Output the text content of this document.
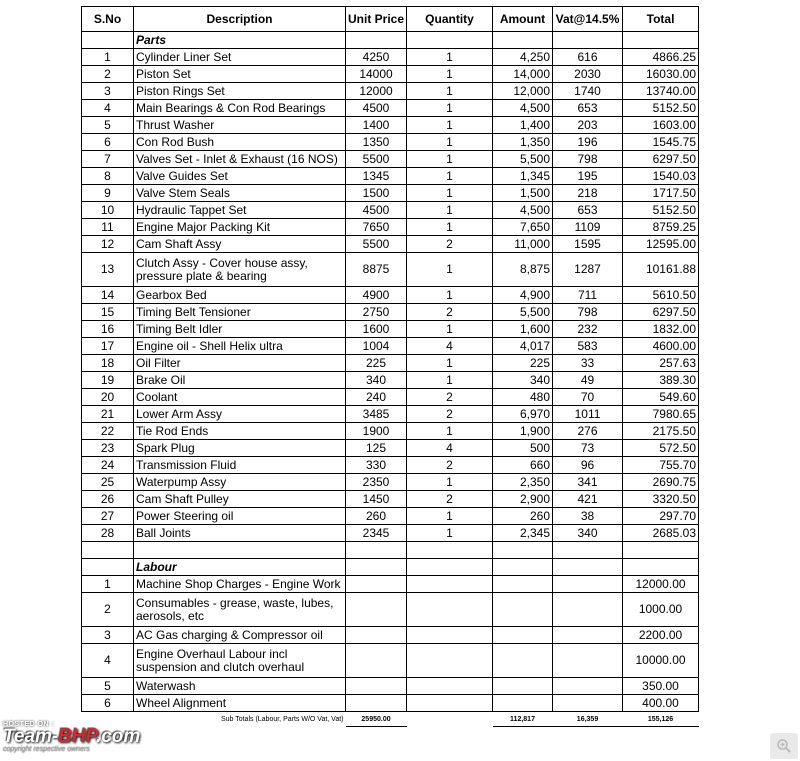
S.No	Description	Unit Price	Quantity	Amount	Vat@14.5%	Total
	Parts					
1	Cylinder Liner Set	4250	1	4,250	616	4866.25
2	Piston Set	14000	1	14,000	2030	16030.00
3	Piston Rings Set	12000	1	12,000	1740	13740.00
4	Main Bearings & Con Rod Bearings	4500	1	4,500	653	5152.50
5	Thrust Washer	1400	1	1,400	203	1603.00
6	Con Rod Bush	1350	1	1,350	196	1545.75
7	Valves Set - Inlet & Exhaust (16 NOS)	5500	1	5,500	798	6297.50
8	Valve Guides Set	1345	1	1,345	195	1540.03
9	Valve Stem Seals	1500	1	1,500	218	1717.50
10	Hydraulic Tappet Set	4500	1	4,500	653	5152.50
11	Engine Major Packing Kit	7650	1	7,650	1109	8759.25
12	Cam Shaft Assy	5500	2	11,000	1595	12595.00
13	Clutch Assy - Cover house assy, pressure plate & bearing	8875	1	8,875	1287	10161.88
14	Gearbox Bed	4900	1	4,900	711	5610.50
15	Timing Belt Tensioner	2750	2	5,500	798	6297.50
16	Timing Belt Idler	1600	1	1,600	232	1832.00
17	Engine oil - Shell Helix ultra	1004	4	4,017	583	4600.00
18	Oil Filter	225	1	225	33	257.63
19	Brake Oil	340	1	340	49	389.30
20	Coolant	240	2	480	70	549.60
21	Lower Arm Assy	3485	2	6,970	1011	7980.65
22	Tie Rod Ends	1900	1	1,900	276	2175.50
23	Spark Plug	125	4	500	73	572.50
24	Transmission Fluid	330	2	660	96	755.70
25	Waterpump Assy	2350	1	2,350	341	2690.75
26	Cam Shaft Pulley	1450	2	2,900	421	3320.50
27	Power Steering oil	260	1	260	38	297.70
28	Ball Joints	2345	1	2,345	340	2685.03

	Labour					
1	Machine Shop Charges - Engine Work					12000.00
2	Consumables - grease, waste, lubes, aerosols, etc					1000.00
3	AC Gas charging & Compressor oil					2200.00
4	Engine Overhaul Labour incl suspension and clutch overhaul					10000.00
5	Waterwash					350.00
6	Wheel Alignment					400.00
Sub Totals (Labour, Parts W/O Vat, Vat)		25950.00		112,817	16,359	155,126
HOSTED ON :
Team-BHP.com
copyright respective owners
